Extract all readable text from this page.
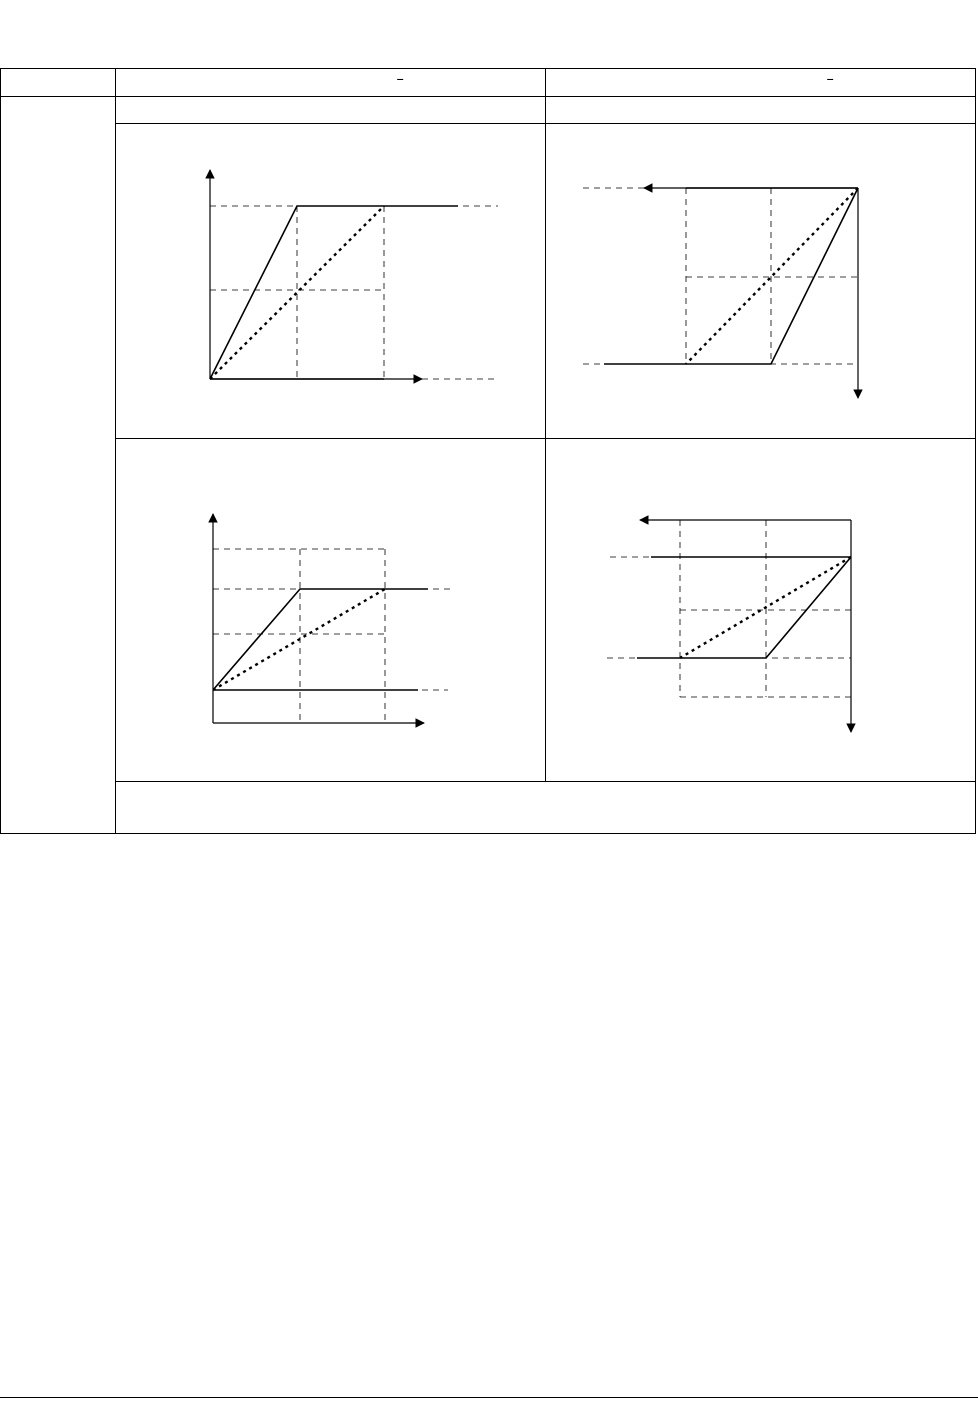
‾	‾
